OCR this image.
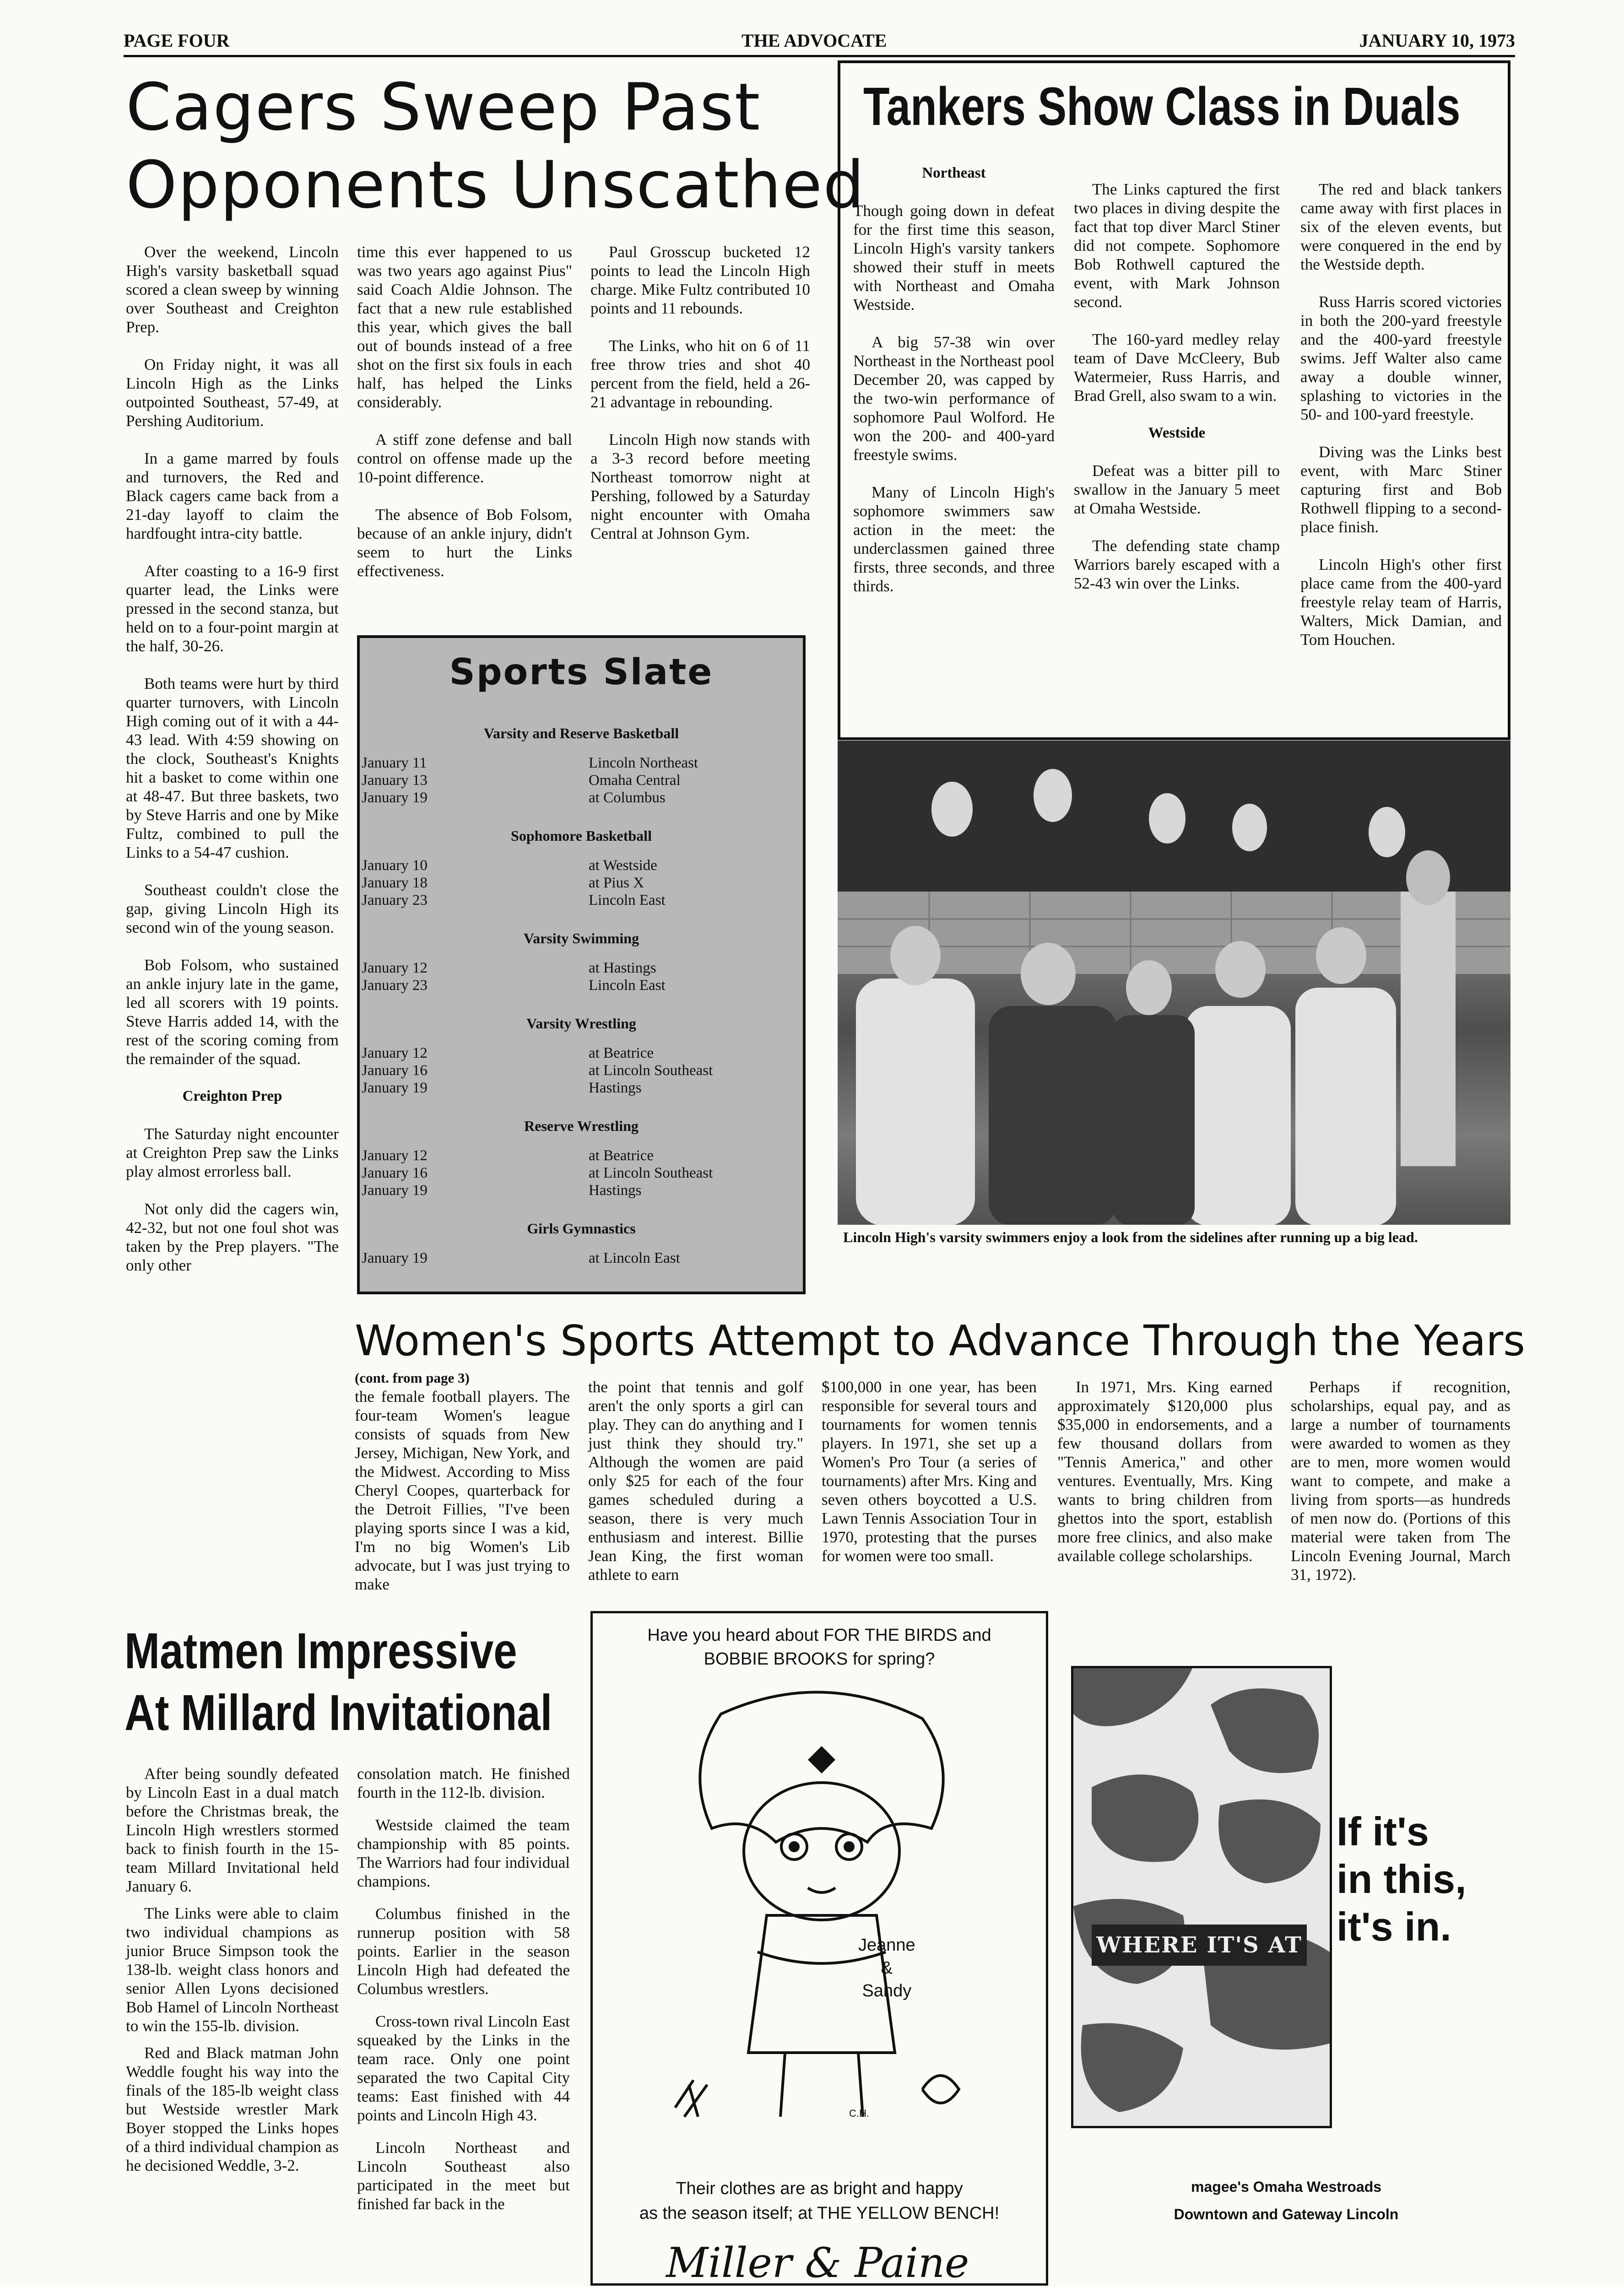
PAGE FOUR	THE ADVOCATE	JANUARY 10, 1973
Cagers Sweep Past
Opponents Unscathed

Over the weekend, Lincoln High's varsity basketball squad scored a clean sweep by winning over Southeast and Creighton Prep.

On Friday night, it was all Lincoln High as the Links outpointed Southeast, 57-49, at Pershing Auditorium.

In a game marred by fouls and turnovers, the Red and Black cagers came back from a 21-day layoff to claim the hardfought intra-city battle.

After coasting to a 16-9 first quarter lead, the Links were pressed in the second stanza, but held on to a four-point margin at the half, 30-26.

Both teams were hurt by third quarter turnovers, with Lincoln High coming out of it with a 44-43 lead. With 4:59 showing on the clock, Southeast's Knights hit a basket to come within one at 48-47. But three baskets, two by Steve Harris and one by Mike Fultz, combined to pull the Links to a 54-47 cushion.

Southeast couldn't close the gap, giving Lincoln High its second win of the young season.

Bob Folsom, who sustained an ankle injury late in the game, led all scorers with 19 points. Steve Harris added 14, with the rest of the scoring coming from the remainder of the squad.

Creighton Prep

The Saturday night encounter at Creighton Prep saw the Links play almost errorless ball.

Not only did the cagers win, 42-32, but not one foul shot was taken by the Prep players. "The only other

time this ever happened to us was two years ago against Pius" said Coach Aldie Johnson. The fact that a new rule established this year, which gives the ball out of bounds instead of a free shot on the first six fouls in each half, has helped the Links considerably.

A stiff zone defense and ball control on offense made up the 10-point difference.

The absence of Bob Folsom, because of an ankle injury, didn't seem to hurt the Links effectiveness.

Paul Grosscup bucketed 12 points to lead the Lincoln High charge. Mike Fultz contributed 10 points and 11 rebounds.

The Links, who hit on 6 of 11 free throw tries and shot 40 percent from the field, held a 26-21 advantage in rebounding.

Lincoln High now stands with a 3-3 record before meeting Northeast tomorrow night at Pershing, followed by a Saturday night encounter with Omaha Central at Johnson Gym.

Sports Slate
Varsity and Reserve Basketball
January 11	Lincoln Northeast
January 13	Omaha Central
January 19	at Columbus
Sophomore Basketball
January 10	at Westside
January 18	at Pius X
January 23	Lincoln East
Varsity Swimming
January 12	at Hastings
January 23	Lincoln East
Varsity Wrestling
January 12	at Beatrice
January 16	at Lincoln Southeast
January 19	Hastings
Reserve Wrestling
January 12	at Beatrice
January 16	at Lincoln Southeast
January 19	Hastings
Girls Gymnastics
January 19	at Lincoln East
Tankers Show Class in Duals

Northeast

Though going down in defeat for the first time this season, Lincoln High's varsity tankers showed their stuff in meets with Northeast and Omaha Westside.

A big 57-38 win over Northeast in the Northeast pool December 20, was capped by the two-win performance of sophomore Paul Wolford. He won the 200- and 400-yard freestyle swims.

Many of Lincoln High's sophomore swimmers saw action in the meet: the underclassmen gained three firsts, three seconds, and three thirds.

The Links captured the first two places in diving despite the fact that top diver Marcl Stiner did not compete. Sophomore Bob Rothwell captured the event, with Mark Johnson second.

The 160-yard medley relay team of Dave McCleery, Bub Watermeier, Russ Harris, and Brad Grell, also swam to a win.

Westside

Defeat was a bitter pill to swallow in the January 5 meet at Omaha Westside.

The defending state champ Warriors barely escaped with a 52-43 win over the Links.

The red and black tankers came away with first places in six of the eleven events, but were conquered in the end by the Westside depth.

Russ Harris scored victories in both the 200-yard freestyle and the 400-yard freestyle swims. Jeff Walter also came away a double winner, splashing to victories in the 50- and 100-yard freestyle.

Diving was the Links best event, with Marc Stiner capturing first and Bob Rothwell flipping to a second-place finish.

Lincoln High's other first place came from the 400-yard freestyle relay team of Harris, Walters, Mick Damian, and Tom Houchen.

Lincoln High's varsity swimmers enjoy a look from the sidelines after running up a big lead.
Women's Sports Attempt to Advance Through the Years
(cont. from page 3)
the female football players. The four-team Women's league consists of squads from New Jersey, Michigan, New York, and the Midwest. According to Miss Cheryl Coopes, quarterback for the Detroit Fillies, "I've been playing sports since I was a kid, I'm no big Women's Lib advocate, but I was just trying to make
the point that tennis and golf aren't the only sports a girl can play. They can do anything and I just think they should try." Although the women are paid only $25 for each of the four games scheduled during a season, there is very much enthusiasm and interest. Billie Jean King, the first woman athlete to earn
$100,000 in one year, has been responsible for several tours and tournaments for women tennis players. In 1971, she set up a Women's Pro Tour (a series of tournaments) after Mrs. King and seven others boycotted a U.S. Lawn Tennis Association Tour in 1970, protesting that the purses for women were too small.
In 1971, Mrs. King earned approximately $120,000 plus $35,000 in endorsements, and a few thousand dollars from "Tennis America," and other ventures. Eventually, Mrs. King wants to bring children from ghettos into the sport, establish more free clinics, and also make available college scholarships.
Perhaps if recognition, scholarships, equal pay, and as large a number of tournaments were awarded to women as they are to men, more women would want to compete, and make a living from sports—as hundreds of men now do. (Portions of this material were taken from The Lincoln Evening Journal, March 31, 1972).
Matmen Impressive
At Millard Invitational

After being soundly defeated by Lincoln East in a dual match before the Christmas break, the Lincoln High wrestlers stormed back to finish fourth in the 15-team Millard Invitational held January 6.

The Links were able to claim two individual champions as junior Bruce Simpson took the 138-lb. weight class honors and senior Allen Lyons decisioned Bob Hamel of Lincoln Northeast to win the 155-lb. division.

Red and Black matman John Weddle fought his way into the finals of the 185-lb weight class but Westside wrestler Mark Boyer stopped the Links hopes of a third individual champion as he decisioned Weddle, 3-2.

consolation match. He finished fourth in the 112-lb. division.

Westside claimed the team championship with 85 points. The Warriors had four individual champions.

Columbus finished in the runnerup position with 58 points. Earlier in the season Lincoln High had defeated the Columbus wrestlers.

Cross-town rival Lincoln East squeaked by the Links in the team race. Only one point separated the two Capital City teams: East finished with 44 points and Lincoln High 43.

Lincoln Northeast and Lincoln Southeast also participated in the meet but finished far back in the

Have you heard about FOR THE BIRDS and
BOBBIE BROOKS for spring?
Jeanne
&
Sandy
C.H.
Their clothes are as bright and happy
as the season itself; at THE YELLOW BENCH!
Miller & Paine
WHERE IT'S AT
If it's
in this,
it's in.
magee's Omaha Westroads
Downtown and Gateway Lincoln
